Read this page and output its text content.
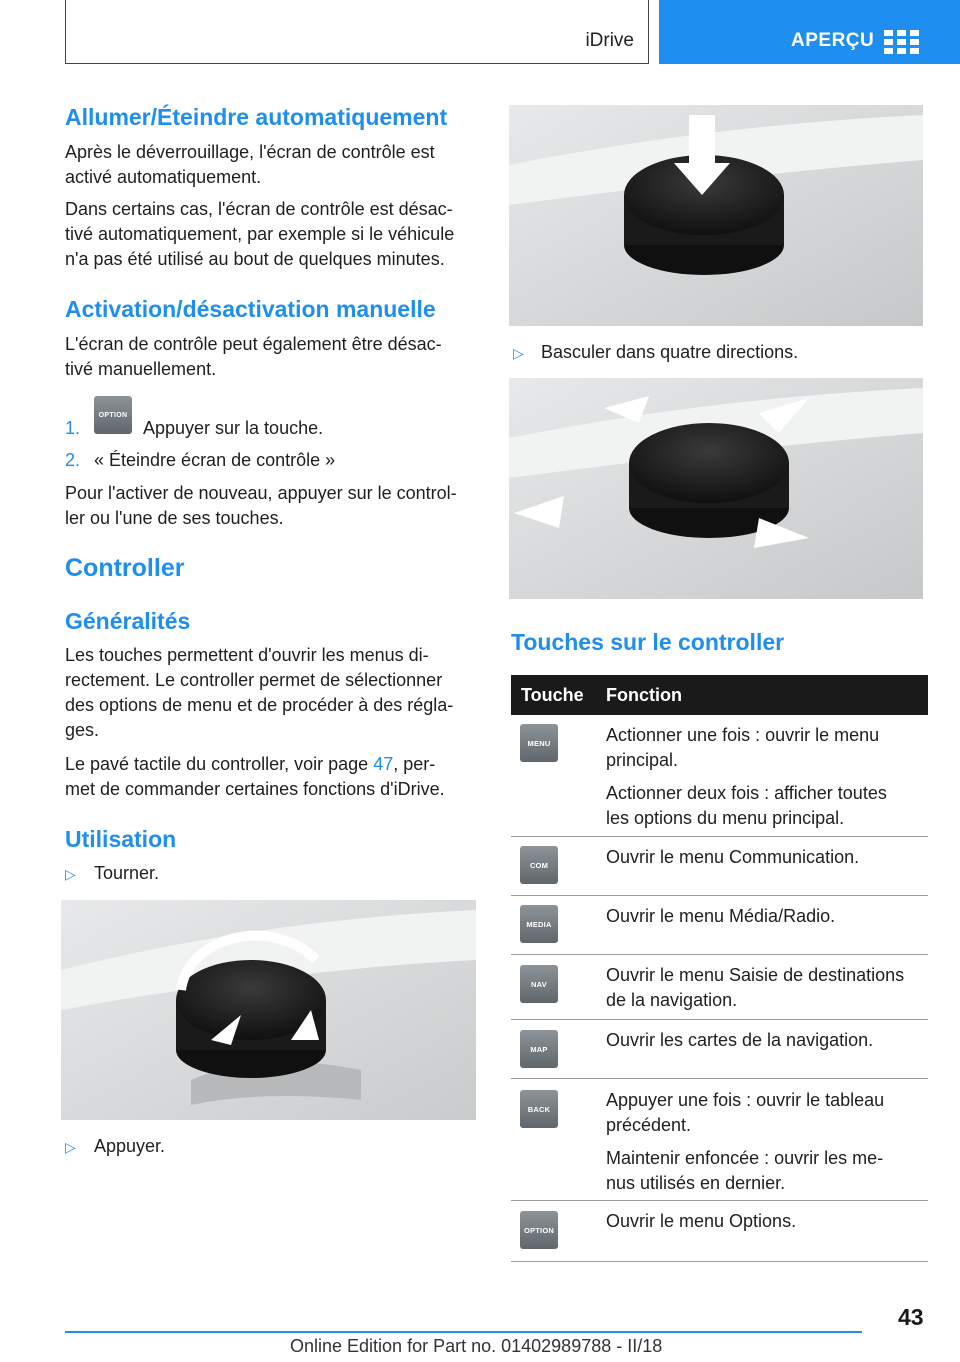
iDrive	APERÇU
Allumer/Éteindre automatiquement
Après le déverrouillage, l'écran de contrôle est
activé automatiquement.
Dans certains cas, l'écran de contrôle est désac-
tivé automatiquement, par exemple si le véhicule
n'a pas été utilisé au bout de quelques minutes.
Activation/désactivation manuelle
L'écran de contrôle peut également être désac-
tivé manuellement.
1.
OPTION
Appuyer sur la touche.
2. « Éteindre écran de contrôle »
Pour l'activer de nouveau, appuyer sur le control-
ler ou l'une de ses touches.
Controller
Généralités
Les touches permettent d'ouvrir les menus di-
rectement. Le controller permet de sélectionner
des options de menu et de procéder à des régla-
ges.
Le pavé tactile du controller, voir page 47, per-
met de commander certaines fonctions d'iDrive.
Utilisation
▷ Tourner.
▷ Appuyer.
▷ Basculer dans quatre directions.
Touches sur le controller
Touche Fonction
MENU	Actionner une fois : ouvrir le menu
principal.
Actionner deux fois : afficher toutes
les options du menu principal.
COM	Ouvrir le menu Communication.
MEDIA	Ouvrir le menu Média/Radio.
NAV	Ouvrir le menu Saisie de destinations
de la navigation.
MAP	Ouvrir les cartes de la navigation.
BACK	Appuyer une fois : ouvrir le tableau
précédent.
Maintenir enfoncée : ouvrir les me-
nus utilisés en dernier.
OPTION	Ouvrir le menu Options.
43
Online Edition for Part no. 01402989788 - II/18
